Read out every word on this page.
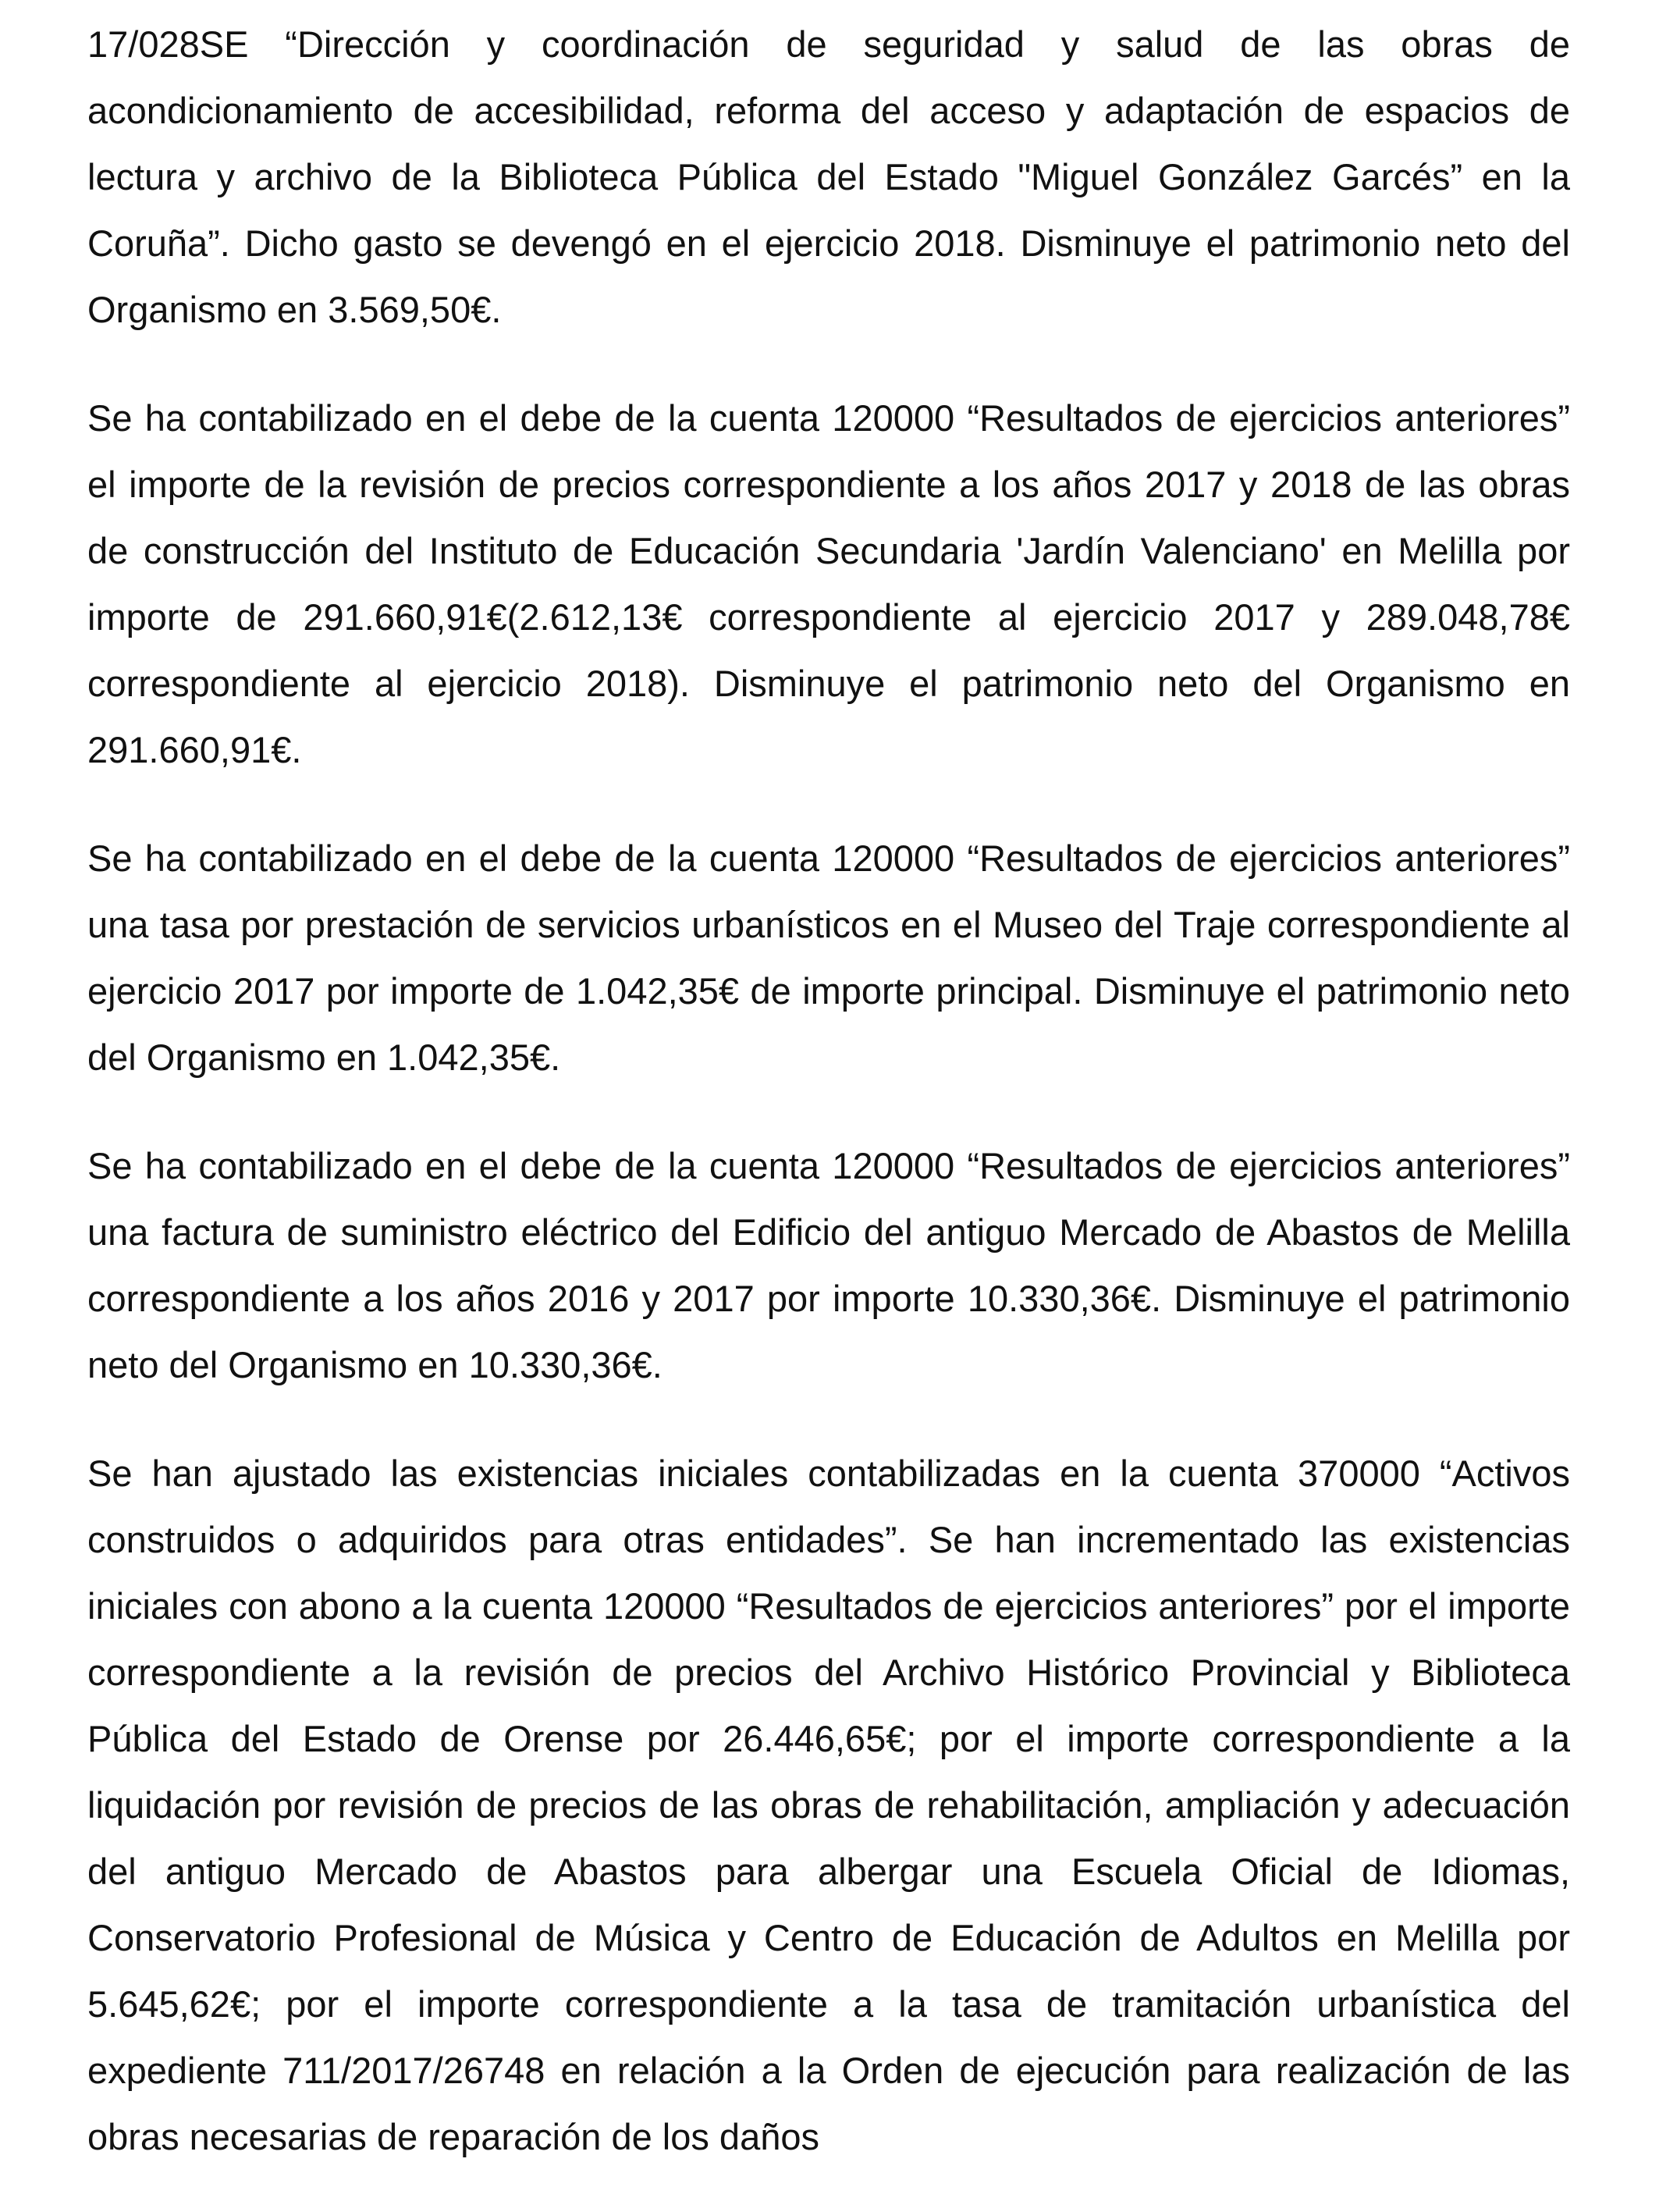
17/028SE “Dirección y coordinación de seguridad y salud de las obras de acondicionamiento de accesibilidad, reforma del acceso y adaptación de espacios de lectura y archivo de la Biblioteca Pública del Estado "Miguel González Garcés” en la Coruña”. Dicho gasto se devengó en el ejercicio 2018. Disminuye el patrimonio neto del Organismo en 3.569,50€.

Se ha contabilizado en el debe de la cuenta 120000 “Resultados de ejercicios anteriores” el importe de la revisión de precios correspondiente a los años 2017 y 2018 de las obras de construcción del Instituto de Educación Secundaria 'Jardín Valenciano' en Melilla por importe de 291.660,91€(2.612,13€ correspondiente al ejercicio 2017 y 289.048,78€ correspondiente al ejercicio 2018). Disminuye el patrimonio neto del Organismo en 291.660,91€.

Se ha contabilizado en el debe de la cuenta 120000 “Resultados de ejercicios anteriores” una tasa por prestación de servicios urbanísticos en el Museo del Traje correspondiente al ejercicio 2017 por importe de 1.042,35€ de importe principal. Disminuye el patrimonio neto del Organismo en 1.042,35€.

Se ha contabilizado en el debe de la cuenta 120000 “Resultados de ejercicios anteriores” una factura de suministro eléctrico del Edificio del antiguo Mercado de Abastos de Melilla correspondiente a los años 2016 y 2017 por importe 10.330,36€. Disminuye el patrimonio neto del Organismo en 10.330,36€.

Se han ajustado las existencias iniciales contabilizadas en la cuenta 370000 “Activos construidos o adquiridos para otras entidades”. Se han incrementado las existencias iniciales con abono a la cuenta 120000 “Resultados de ejercicios anteriores” por el importe correspondiente a la revisión de precios del Archivo Histórico Provincial y Biblioteca Pública del Estado de Orense por 26.446,65€; por el importe correspondiente a la liquidación por revisión de precios de las obras de rehabilitación, ampliación y adecuación del antiguo Mercado de Abastos para albergar una Escuela Oficial de Idiomas, Conservatorio Profesional de Música y Centro de Educación de Adultos en Melilla por 5.645,62€; por el importe correspondiente a la tasa de tramitación urbanística del expediente 711/2017/26748 en relación a la Orden de ejecución para realización de las obras necesarias de reparación de los daños
